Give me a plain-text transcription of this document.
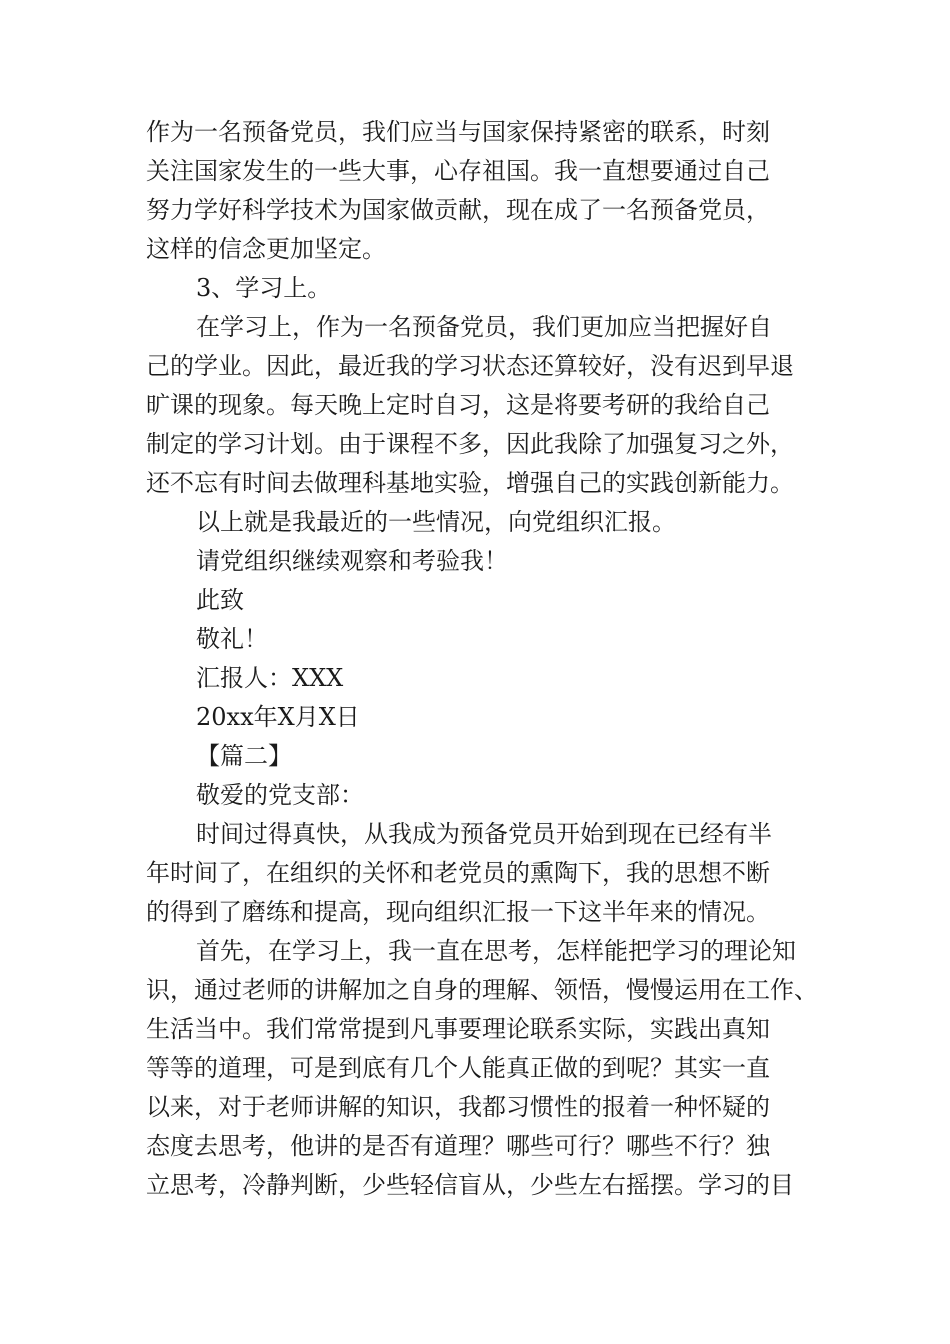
作为一名预备党员，我们应当与国家保持紧密的联系，时刻
关注国家发生的一些大事，心存祖国。我一直想要通过自己
努力学好科学技术为国家做贡献，现在成了一名预备党员，
这样的信念更加坚定。
3、学习上。
在学习上，作为一名预备党员，我们更加应当把握好自
己的学业。因此，最近我的学习状态还算较好，没有迟到早退
旷课的现象。每天晚上定时自习，这是将要考研的我给自己
制定的学习计划。由于课程不多，因此我除了加强复习之外，
还不忘有时间去做理科基地实验，增强自己的实践创新能力。
以上就是我最近的一些情况，向党组织汇报。
请党组织继续观察和考验我！
此致
敬礼！
汇报人：XXX
20xx年X月X日
【篇二】
敬爱的党支部：
时间过得真快，从我成为预备党员开始到现在已经有半
年时间了，在组织的关怀和老党员的熏陶下，我的思想不断
的得到了磨练和提高，现向组织汇报一下这半年来的情况。
首先，在学习上，我一直在思考，怎样能把学习的理论知
识，通过老师的讲解加之自身的理解、领悟，慢慢运用在工作、
生活当中。我们常常提到凡事要理论联系实际，实践出真知
等等的道理，可是到底有几个人能真正做的到呢？其实一直
以来，对于老师讲解的知识，我都习惯性的报着一种怀疑的
态度去思考，他讲的是否有道理？哪些可行？哪些不行？独
立思考，冷静判断，少些轻信盲从，少些左右摇摆。学习的目
